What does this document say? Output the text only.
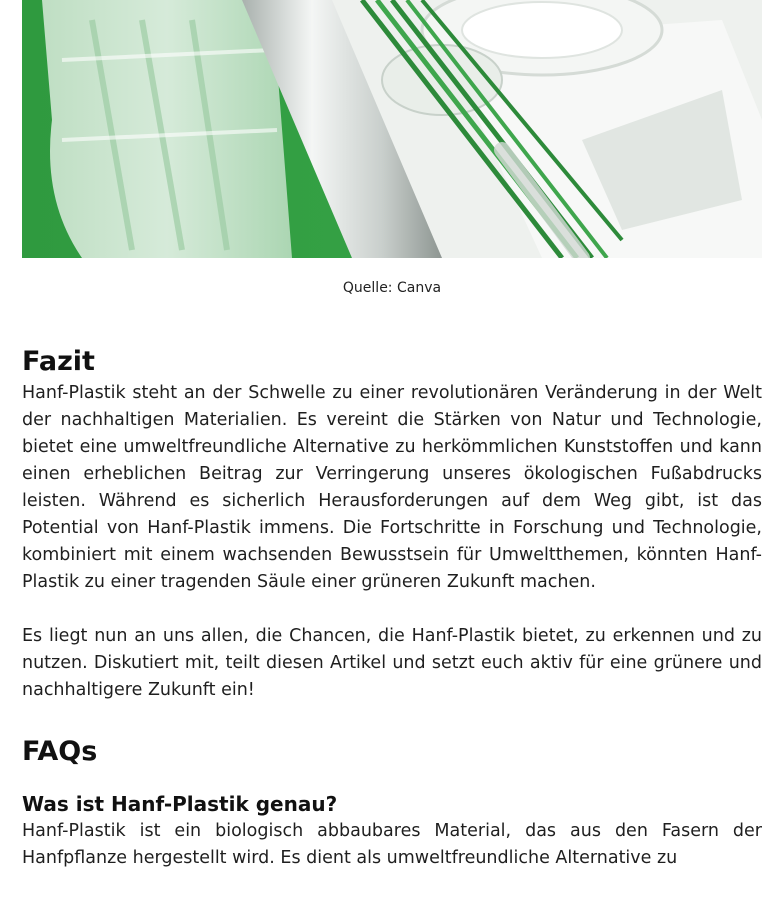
Quelle: Canva
Fazit

Hanf-Plastik steht an der Schwelle zu einer revolutionären Veränderung in der Welt der nachhaltigen Materialien. Es vereint die Stärken von Natur und Technologie, bietet eine umweltfreundliche Alternative zu herkömmlichen Kunststoffen und kann einen erheblichen Beitrag zur Verringerung unseres ökologischen Fußabdrucks leisten. Während es sicherlich Herausforderungen auf dem Weg gibt, ist das Potential von Hanf-Plastik immens. Die Fortschritte in Forschung und Technologie, kombiniert mit einem wachsenden Bewusstsein für Umweltthemen, könnten Hanf-Plastik zu einer tragenden Säule einer grüneren Zukunft machen.

Es liegt nun an uns allen, die Chancen, die Hanf-Plastik bietet, zu erkennen und zu nutzen. Diskutiert mit, teilt diesen Artikel und setzt euch aktiv für eine grünere und nachhaltigere Zukunft ein!

FAQs
Was ist Hanf-Plastik genau?

Hanf-Plastik ist ein biologisch abbaubares Material, das aus den Fasern der Hanfpflanze hergestellt wird. Es dient als umweltfreundliche Alternative zu
